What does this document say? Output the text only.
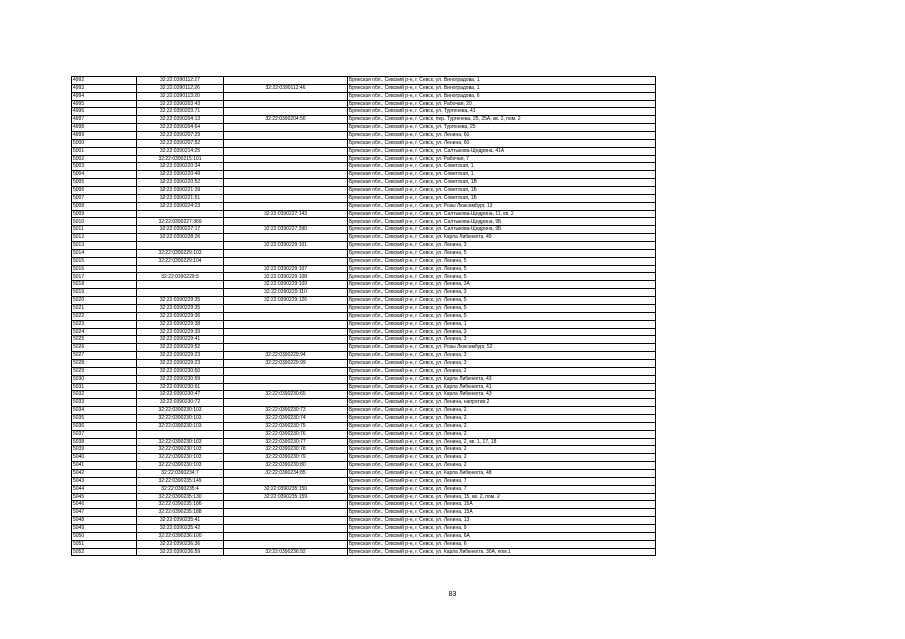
4992	32:22:0390112:27		Брянская обл., Севский р-н, г. Севск, ул. Виноградова, 1
4993	32:22:0390112:26	32:22:0390112:46	Брянская обл., Севский р-н, г. Севск, ул. Виноградова, 1
4994	32:22:0390113:20		Брянская обл., Севский р-н, г. Севск, ул. Виноградова, 6
4995	32:22:0390203:43		Брянская обл., Севский р-н, г. Севск, ул. Рабочая, 20
4996	32:22:0390203:71		Брянская обл., Севский р-н, г. Севск, ул. Тургенева, 41
4997	32:22:0390204:13	32:22:0390204:56	Брянская обл., Севский р-н, г. Севск, пер. Тургенева, 25, 25А, кв. 2, пом. 2
4998	32:22:0390204:64		Брянская обл., Севский р-н, г. Севск, ул. Тургенева, 25
4999	32:22:0390207:29		Брянская обл., Севский р-н, г. Севск, ул. Ленина, 60
5000	32:22:0390207:52		Брянская обл., Севский р-н, г. Севск, ул. Ленина, 60
5001	32:22:0390214:25		Брянская обл., Севский р-н, г. Севск, ул. Салтыкова-Щедрина, 41А
5002	32:22:0390215:101		Брянская обл., Севский р-н, г. Севск, ул. Рабочая, 7
5003	32:22:0390220:34		Брянская обл., Севский р-н, г. Севск, ул. Советская, 1
5004	32:22:0390220:49		Брянская обл., Севский р-н, г. Севск, ул. Советская, 1
5005	32:22:0390220:52		Брянская обл., Севский р-н, г. Севск, ул. Советская, 1В
5006	32:22:0390221:39		Брянская обл., Севский р-н, г. Севск, ул. Советская, 1Б
5007	32:22:0390221:51		Брянская обл., Севский р-н, г. Севск, ул. Советская, 1Б
5008	32:22:0390224:23		Брянская обл., Севский р-н, г. Севск, ул. Розы Люксембург, 13
5009		32:22:0390227:143	Брянская обл., Севский р-н, г. Севск, ул. Салтыкова-Щедрина, 11, кв. 2
5010	32:22:0390227:369		Брянская обл., Севский р-н, г. Севск, ул. Салтыкова-Щедрина, 9Б
5011	32:22:0390227:17	32:22:0390227:390	Брянская обл., Севский р-н, г. Севск, ул. Салтыкова-Щедрина, 9Б
5012	32:22:0390228:26		Брянская обл., Севский р-н, г. Севск, ул. Карла Либкнехта, 49
5013		32:22:0390229:101	Брянская обл., Севский р-н, г. Севск, ул. Ленина, 3
5014	32:22:0390229:103		Брянская обл., Севский р-н, г. Севск, ул. Ленина, 5
5015	32:22:0390229:104		Брянская обл., Севский р-н, г. Севск, ул. Ленина, 5
5016		32:22:0390229:107	Брянская обл., Севский р-н, г. Севск, ул. Ленина, 5
5017	32:22:0390229:5	32:22:0390229:108	Брянская обл., Севский р-н, г. Севск, ул. Ленина, 5
5018		32:22:0390229:109	Брянская обл., Севский р-н, г. Севск, ул. Ленина, 3А
5019		32:22:0390229:110	Брянская обл., Севский р-н, г. Севск, ул. Ленина, 3
5020	32:22:0390229:35	32:22:0390229:126	Брянская обл., Севский р-н, г. Севск, ул. Ленина, 5
5021	32:22:0390229:35		Брянская обл., Севский р-н, г. Севск, ул. Ленина, 5
5022	32:22:0390229:36		Брянская обл., Севский р-н, г. Севск, ул. Ленина, 5
5023	32:22:0390229:38		Брянская обл., Севский р-н, г. Севск, ул. Ленина, 1
5024	32:22:0390229:39		Брянская обл., Севский р-н, г. Севск, ул. Ленина, 3
5025	32:22:0390229:41		Брянская обл., Севский р-н, г. Севск, ул. Ленина, 3
5026	32:22:0390229:52		Брянская обл., Севский р-н, г. Севск, ул. Розы Люксембург, 52
5027	32:22:0390229:23	32:22:0390229:94	Брянская обл., Севский р-н, г. Севск, ул. Ленина, 3
5028	32:22:0390229:23	32:22:0390229:99	Брянская обл., Севский р-н, г. Севск, ул. Ленина, 3
5029	32:22:0390230:50		Брянская обл., Севский р-н, г. Севск, ул. Ленина, 2
5030	32:22:0390230:59		Брянская обл., Севский р-н, г. Севск, ул. Карла Либкнехта, 43
5031	32:22:0390230:61		Брянская обл., Севский р-н, г. Севск, ул. Карла Либкнехта, 41
5032	32:22:0390230:47	32:22:0390230:65	Брянская обл., Севский р-н, г. Севск, ул. Карла Либкнехта, 43
5033	32:22:0390230:72		Брянская обл., Севский р-н, г. Севск, ул. Ленина, напротив 2
5034	32:22:0390230:103	32:22:0390230:73	Брянская обл., Севский р-н, г. Севск, ул. Ленина, 2
5035	32:22:0390230:103	32:22:0390230:74	Брянская обл., Севский р-н, г. Севск, ул. Ленина, 2
5036	32:22:0390230:103	32:22:0390230:75	Брянская обл., Севский р-н, г. Севск, ул. Ленина, 2
5037		32:22:0390230:76	Брянская обл., Севский р-н, г. Севск, ул. Ленина, 2
5038	32:22:0390230:103	32:22:0390230:77	Брянская обл., Севский р-н, г. Севск, ул. Ленина, 2, кв. 1, 17, 18
5039	32:22:0390230:103	32:22:0390230:78	Брянская обл., Севский р-н, г. Севск, ул. Ленина, 2
5040	32:22:0390230:103	32:22:0390230:79	Брянская обл., Севский р-н, г. Севск, ул. Ленина, 2
5041	32:22:0390230:103	32:22:0390230:80	Брянская обл., Севский р-н, г. Севск, ул. Ленина, 2
5042	32:22:0390234:7	32:22:0390234:85	Брянская обл., Севский р-н, г. Севск, ул. Карла Либкнехта, 48
5043	32:22:0390235:149		Брянская обл., Севский р-н, г. Севск, ул. Ленина, 7
5044	32:22:0390235:4	32:22:0390235:150	Брянская обл., Севский р-н, г. Севск, ул. Ленина, 7
5045	32:22:0390235:130	32:22:0390235:159	Брянская обл., Севский р-н, г. Севск, ул. Ленина, 15, кв. 2, пом. 2
5046	32:22:0390235:186		Брянская обл., Севский р-н, г. Севск, ул. Ленина, 15А
5047	32:22:0390235:188		Брянская обл., Севский р-н, г. Севск, ул. Ленина, 15А
5048	32:22:0390235:41		Брянская обл., Севский р-н, г. Севск, ул. Ленина, 13
5049	32:22:0390235:42		Брянская обл., Севский р-н, г. Севск, ул. Ленина, 9
5050	32:22:0390236:100		Брянская обл., Севский р-н, г. Севск, ул. Ленина, 6А
5051	32:22:0390236:36		Брянская обл., Севский р-н, г. Севск, ул. Ленина, 6
5052	32:22:0390236:59	32:22:0390236:92	Брянская обл., Севский р-н, г. Севск, ул. Карла Либкнехта, 30А, пом.1
83
